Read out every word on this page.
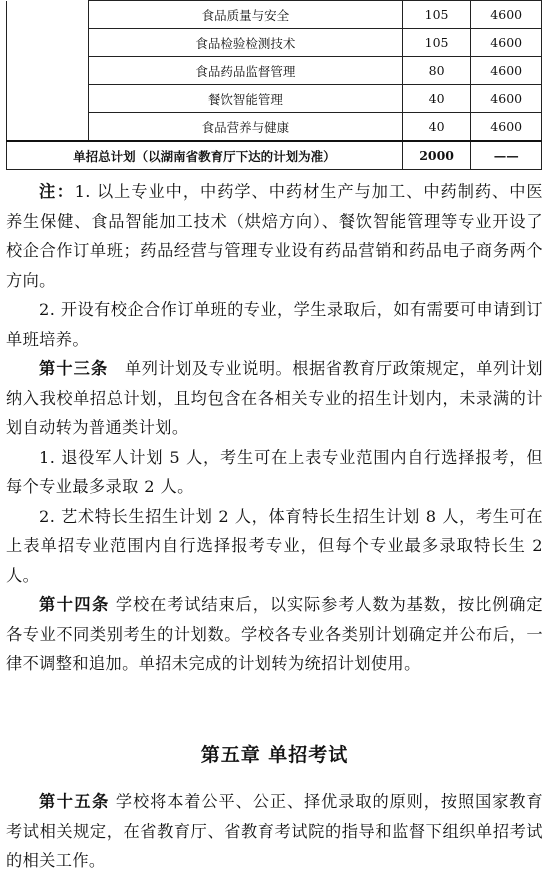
	食品质量与安全	105	4600
	食品检验检测技术	105	4600
	食品药品监督管理	80	4600
	餐饮智能管理	40	4600
	食品营养与健康	40	4600
单招总计划（以湖南省教育厅下达的计划为准）		2000	——

注：1. 以上专业中，中药学、中药材生产与加工、中药制药、中医养生保健、食品智能加工技术（烘焙方向）、餐饮智能管理等专业开设了校企合作订单班；药品经营与管理专业设有药品营销和药品电子商务两个方向。

2. 开设有校企合作订单班的专业，学生录取后，如有需要可申请到订单班培养。

第十三条　单列计划及专业说明。根据省教育厅政策规定，单列计划纳入我校单招总计划，且均包含在各相关专业的招生计划内，未录满的计划自动转为普通类计划。

1. 退役军人计划 5 人，考生可在上表专业范围内自行选择报考，但每个专业最多录取 2 人。

2. 艺术特长生招生计划 2 人，体育特长生招生计划 8 人，考生可在上表单招专业范围内自行选择报考专业，但每个专业最多录取特长生 2 人。

第十四条 学校在考试结束后，以实际参考人数为基数，按比例确定各专业不同类别考生的计划数。学校各专业各类别计划确定并公布后，一律不调整和追加。单招未完成的计划转为统招计划使用。

第五章 单招考试

第十五条 学校将本着公平、公正、择优录取的原则，按照国家教育考试相关规定，在省教育厅、省教育考试院的指导和监督下组织单招考试的相关工作。
